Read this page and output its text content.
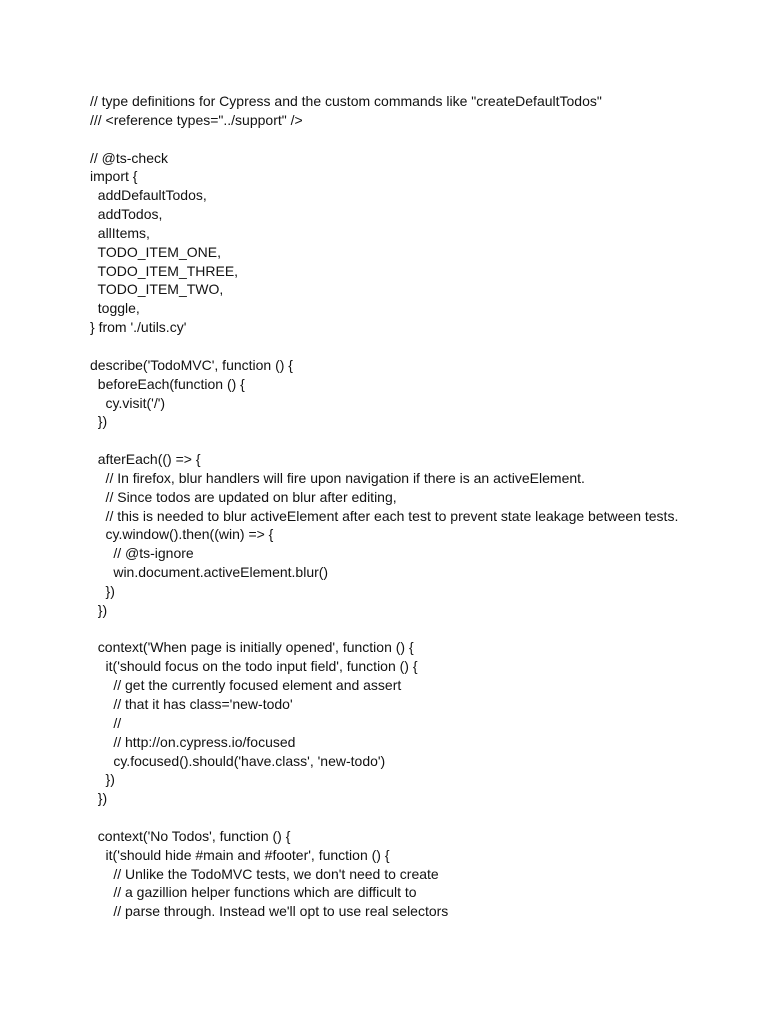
// type definitions for Cypress and the custom commands like "createDefaultTodos"
/// <reference types="../support" />
// @ts-check
import {
addDefaultTodos,
addTodos,
allItems,
TODO_ITEM_ONE,
TODO_ITEM_THREE,
TODO_ITEM_TWO,
toggle,
} from './utils.cy'
describe('TodoMVC', function () {
beforeEach(function () {
cy.visit('/')
})
afterEach(() => {
// In firefox, blur handlers will fire upon navigation if there is an activeElement.
// Since todos are updated on blur after editing,
// this is needed to blur activeElement after each test to prevent state leakage between tests.
cy.window().then((win) => {
// @ts-ignore
win.document.activeElement.blur()
})
})
context('When page is initially opened', function () {
it('should focus on the todo input field', function () {
// get the currently focused element and assert
// that it has class='new-todo'
//
// http://on.cypress.io/focused
cy.focused().should('have.class', 'new-todo')
})
})
context('No Todos', function () {
it('should hide #main and #footer', function () {
// Unlike the TodoMVC tests, we don't need to create
// a gazillion helper functions which are difficult to
// parse through. Instead we'll opt to use real selectors
